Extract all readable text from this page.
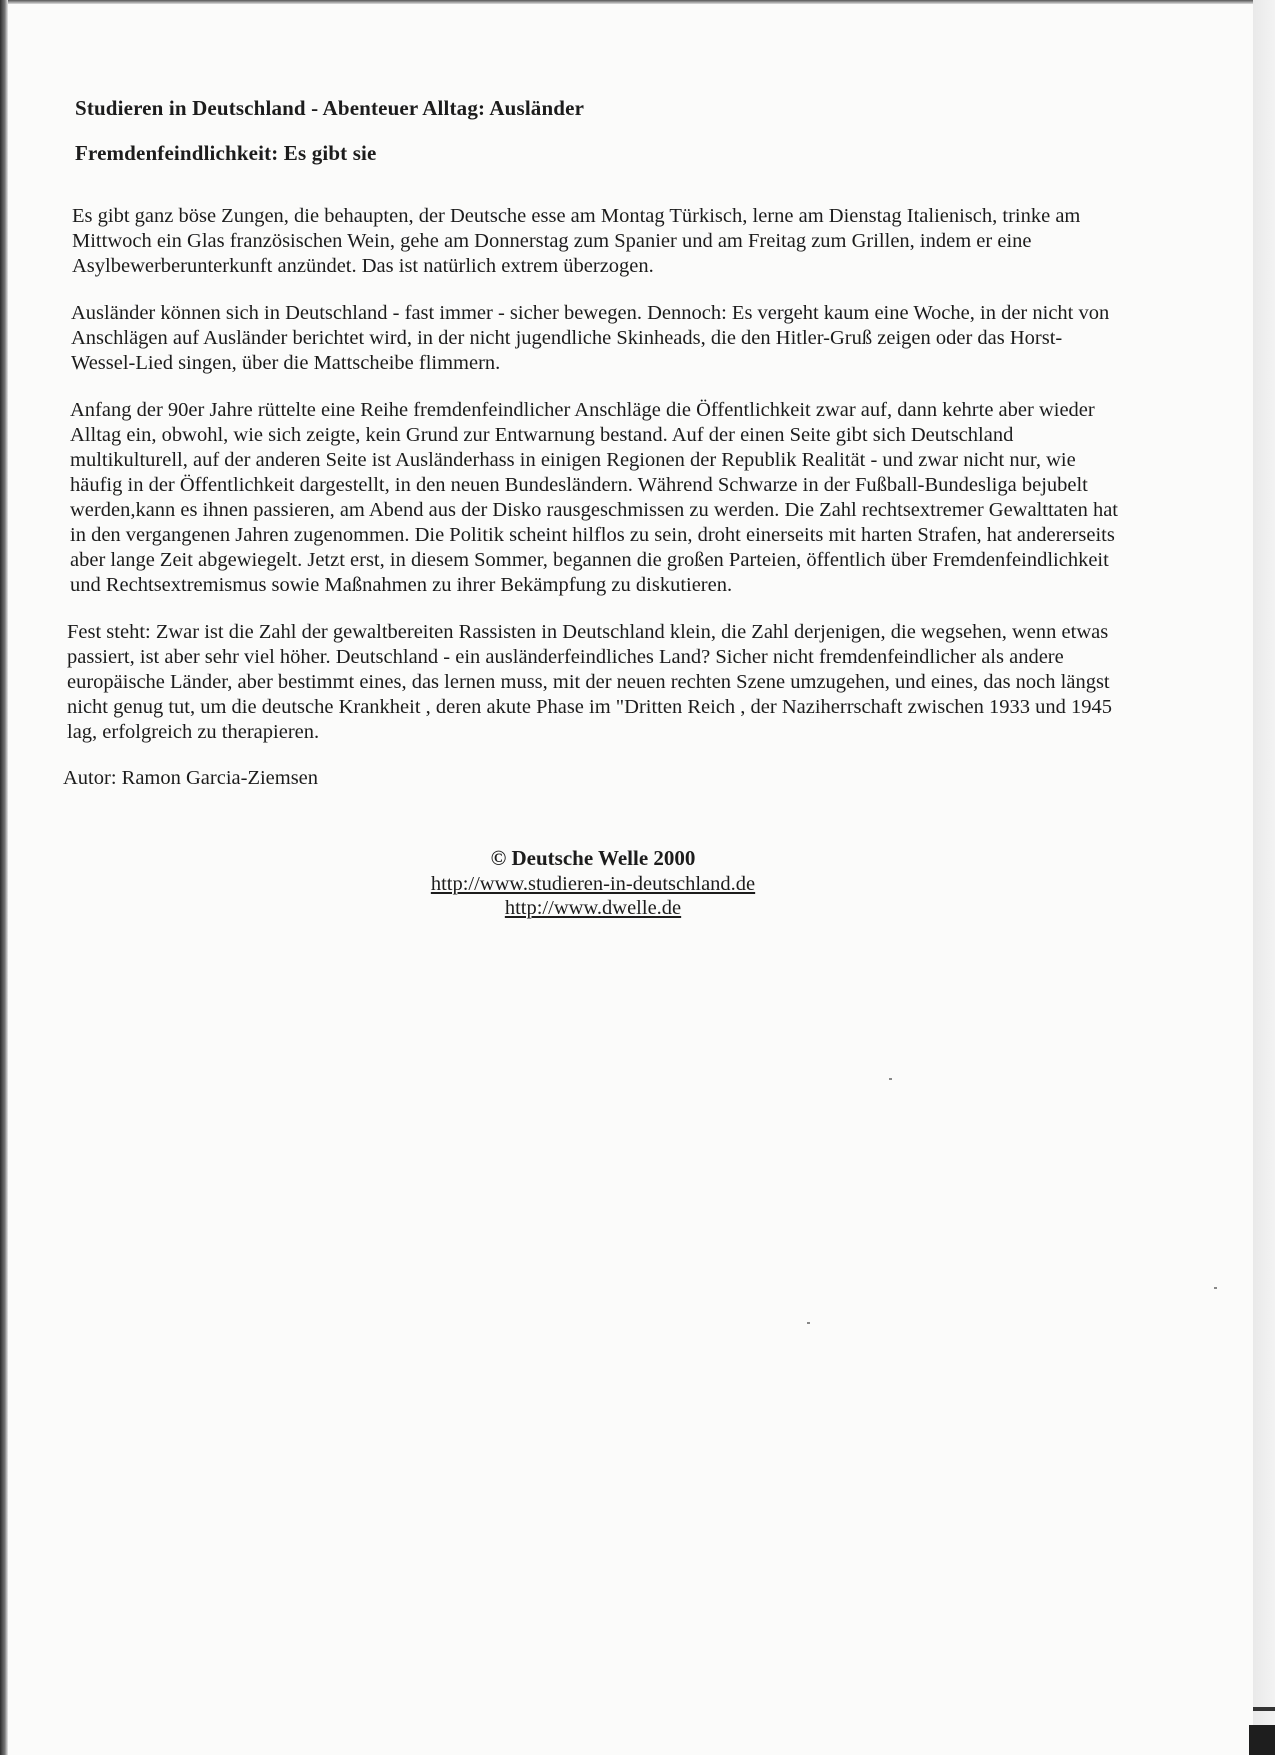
Studieren in Deutschland - Abenteuer Alltag: Ausländer
Fremdenfeindlichkeit: Es gibt sie

Es gibt ganz böse Zungen, die behaupten, der Deutsche esse am Montag Türkisch, lerne am Dienstag Italienisch, trinke am Mittwoch ein Glas französischen Wein, gehe am Donnerstag zum Spanier und am Freitag zum Grillen, indem er eine Asylbewerberunterkunft anzündet. Das ist natürlich extrem überzogen.

Ausländer können sich in Deutschland - fast immer - sicher bewegen. Dennoch: Es vergeht kaum eine Woche, in der nicht von Anschlägen auf Ausländer berichtet wird, in der nicht jugendliche Skinheads, die den Hitler-Gruß zeigen oder das Horst-Wessel-Lied singen, über die Mattscheibe flimmern.

Anfang der 90er Jahre rüttelte eine Reihe fremdenfeindlicher Anschläge die Öffentlichkeit zwar auf, dann kehrte aber wieder Alltag ein, obwohl, wie sich zeigte, kein Grund zur Entwarnung bestand. Auf der einen Seite gibt sich Deutschland multikulturell, auf der anderen Seite ist Ausländerhass in einigen Regionen der Republik Realität - und zwar nicht nur, wie häufig in der Öffentlichkeit dargestellt, in den neuen Bundesländern. Während Schwarze in der Fußball-Bundesliga bejubelt werden,kann es ihnen passieren, am Abend aus der Disko rausgeschmissen zu werden. Die Zahl rechtsextremer Gewalttaten hat in den vergangenen Jahren zugenommen. Die Politik scheint hilflos zu sein, droht einerseits mit harten Strafen, hat andererseits aber lange Zeit abgewiegelt. Jetzt erst, in diesem Sommer, begannen die großen Parteien, öffentlich über Fremdenfeindlichkeit und Rechtsextremismus sowie Maßnahmen zu ihrer Bekämpfung zu diskutieren.

Fest steht: Zwar ist die Zahl der gewaltbereiten Rassisten in Deutschland klein, die Zahl derjenigen, die wegsehen, wenn etwas passiert, ist aber sehr viel höher. Deutschland - ein ausländerfeindliches Land? Sicher nicht fremdenfeindlicher als andere europäische Länder, aber bestimmt eines, das lernen muss, mit der neuen rechten Szene umzugehen, und eines, das noch längst nicht genug tut, um die deutsche Krankheit , deren akute Phase im "Dritten Reich , der Naziherrschaft zwischen 1933 und 1945 lag, erfolgreich zu therapieren.

Autor: Ramon Garcia-Ziemsen
© Deutsche Welle 2000
http://www.studieren-in-deutschland.de
http://www.dwelle.de
